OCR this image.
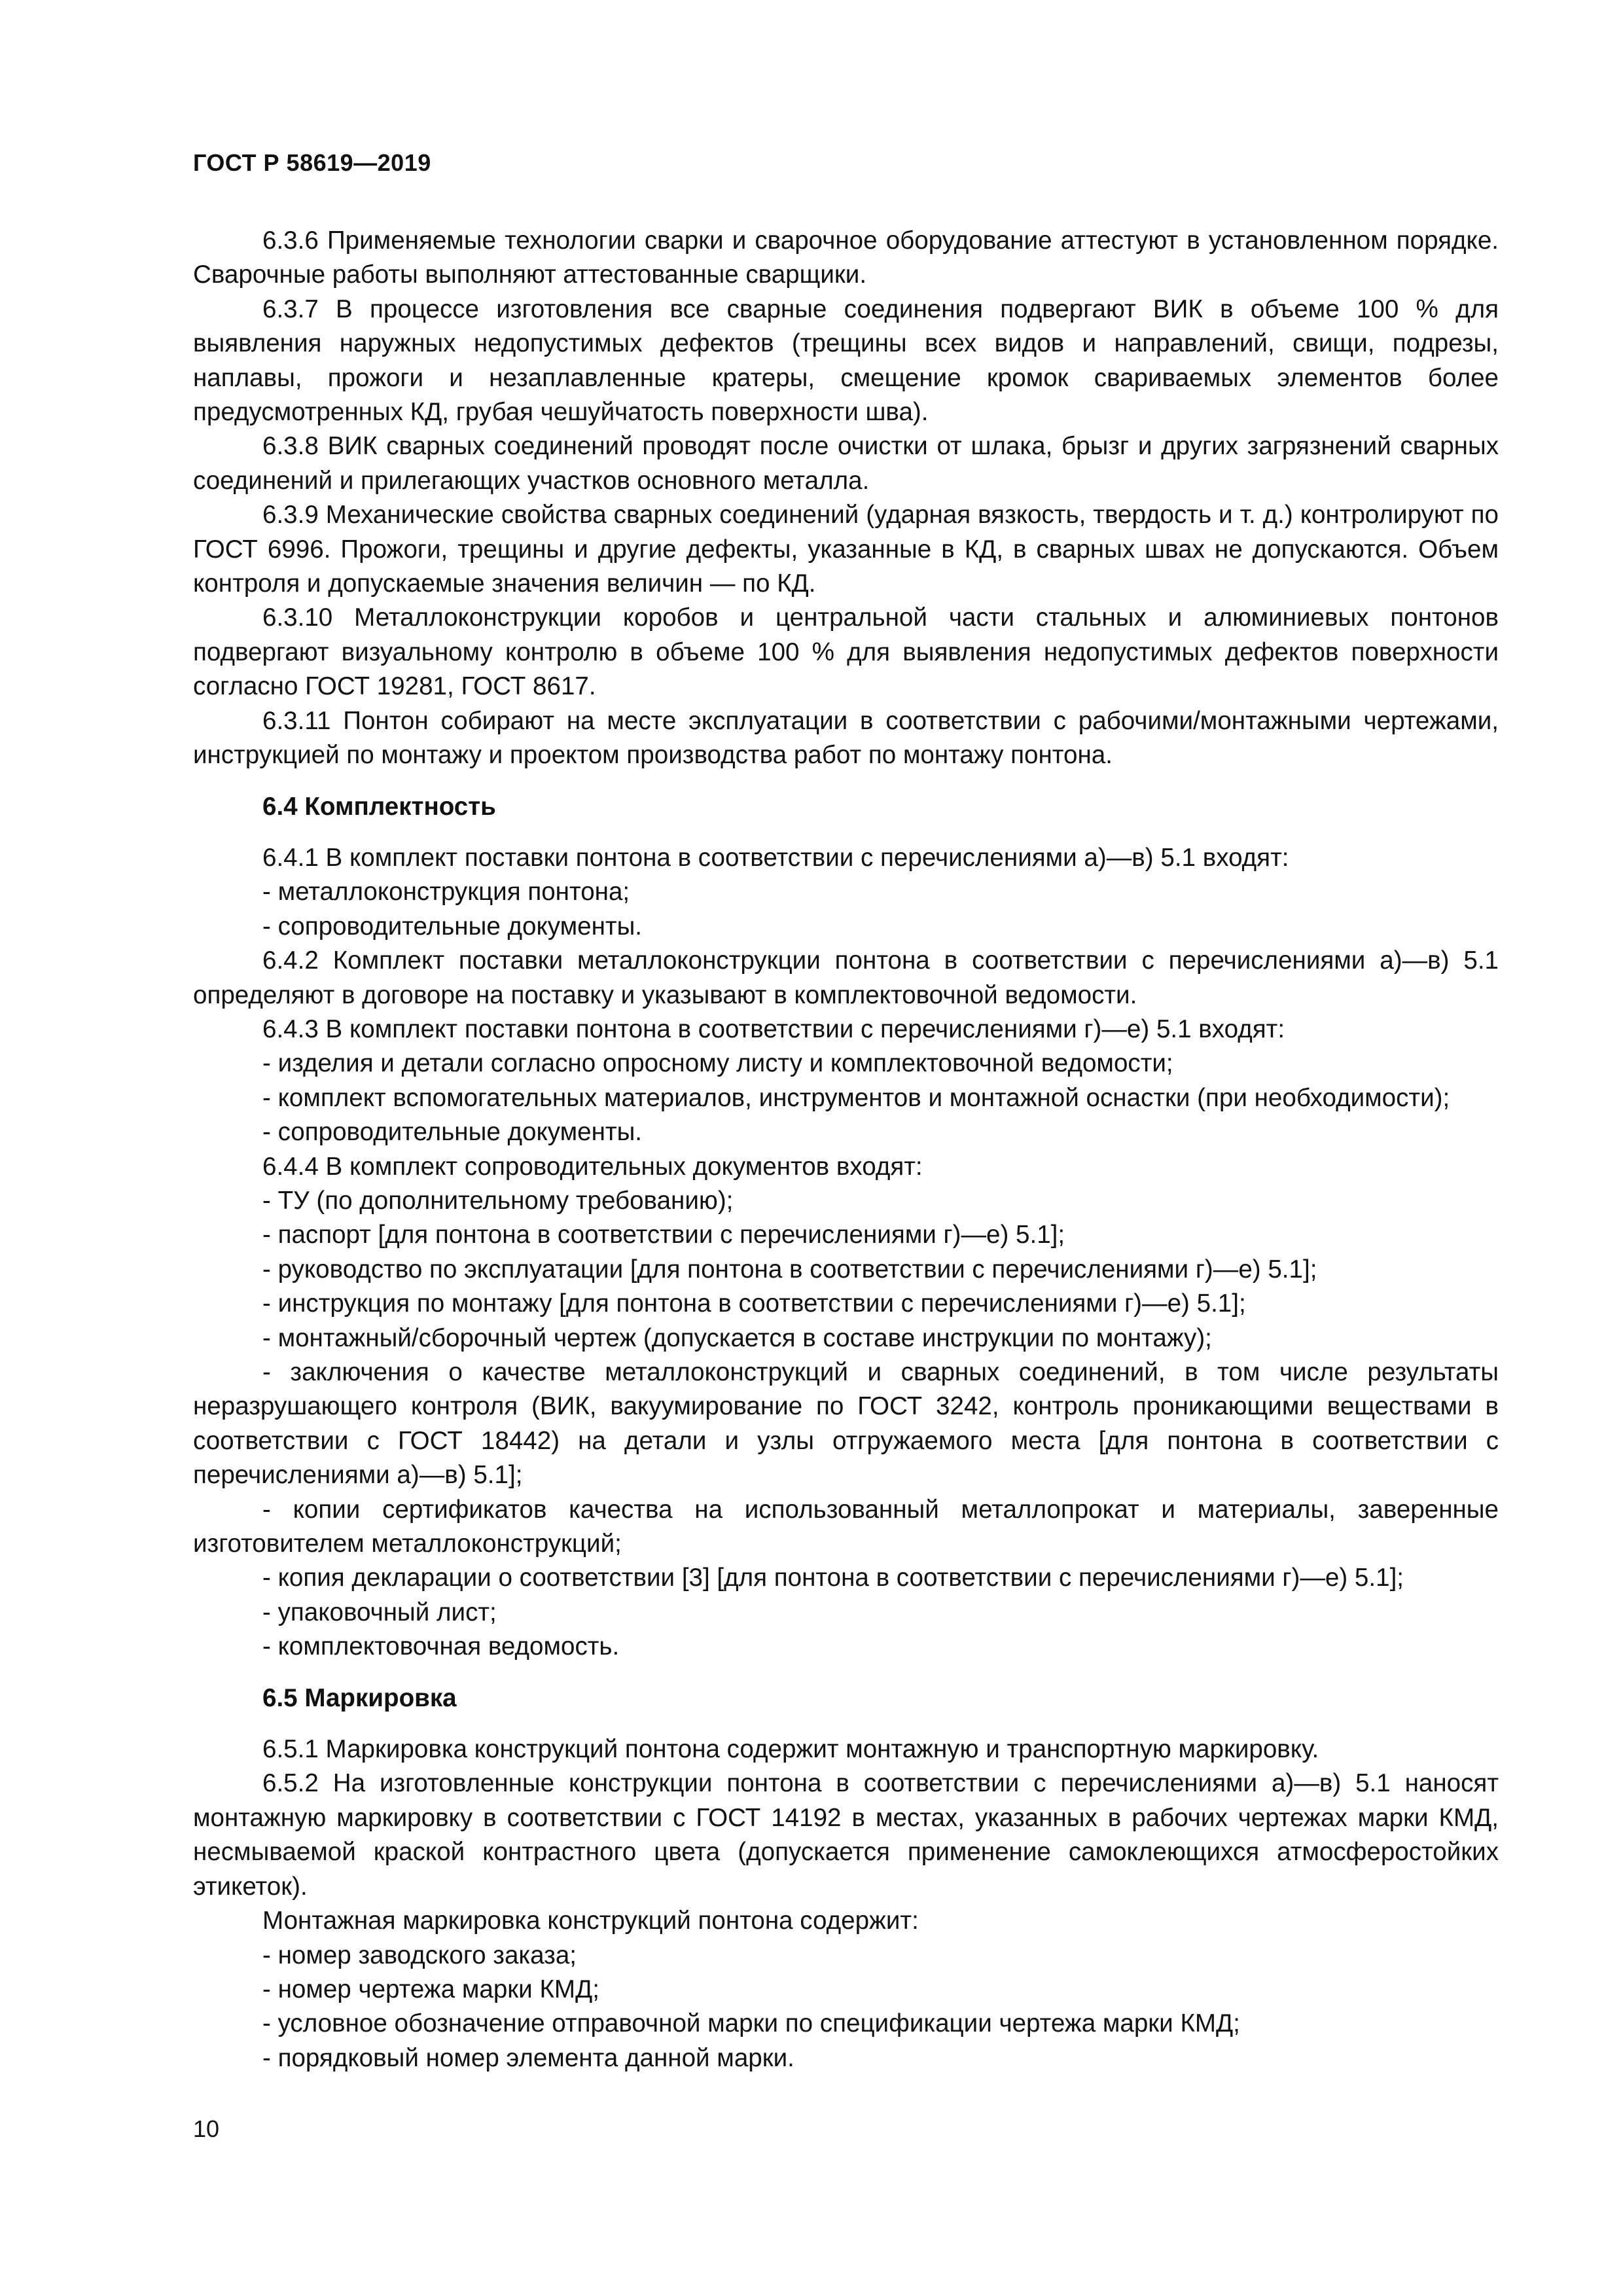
ГОСТ Р 58619—2019

6.3.6 Применяемые технологии сварки и сварочное оборудование аттестуют в установленном порядке. Сварочные работы выполняют аттестованные сварщики.

6.3.7 В процессе изготовления все сварные соединения подвергают ВИК в объеме 100 % для выявления наружных недопустимых дефектов (трещины всех видов и направлений, свищи, подрезы, наплавы, прожоги и незаплавленные кратеры, смещение кромок свариваемых элементов более предусмотренных КД, грубая чешуйчатость поверхности шва).

6.3.8 ВИК сварных соединений проводят после очистки от шлака, брызг и других загрязнений сварных соединений и прилегающих участков основного металла.

6.3.9 Механические свойства сварных соединений (ударная вязкость, твердость и т. д.) контролируют по ГОСТ 6996. Прожоги, трещины и другие дефекты, указанные в КД, в сварных швах не допускаются. Объем контроля и допускаемые значения величин — по КД.

6.3.10 Металлоконструкции коробов и центральной части стальных и алюминиевых понтонов подвергают визуальному контролю в объеме 100 % для выявления недопустимых дефектов поверхности согласно ГОСТ 19281, ГОСТ 8617.

6.3.11 Понтон собирают на месте эксплуатации в соответствии с рабочими/монтажными чертежами, инструкцией по монтажу и проектом производства работ по монтажу понтона.

6.4 Комплектность

6.4.1 В комплект поставки понтона в соответствии с перечислениями а)—в) 5.1 входят:

- металлоконструкция понтона;

- сопроводительные документы.

6.4.2 Комплект поставки металлоконструкции понтона в соответствии с перечислениями а)—в) 5.1 определяют в договоре на поставку и указывают в комплектовочной ведомости.

6.4.3 В комплект поставки понтона в соответствии с перечислениями г)—е) 5.1 входят:

- изделия и детали согласно опросному листу и комплектовочной ведомости;

- комплект вспомогательных материалов, инструментов и монтажной оснастки (при необходимости);

- сопроводительные документы.

6.4.4 В комплект сопроводительных документов входят:

- ТУ (по дополнительному требованию);

- паспорт [для понтона в соответствии с перечислениями г)—е) 5.1];

- руководство по эксплуатации [для понтона в соответствии с перечислениями г)—е) 5.1];

- инструкция по монтажу [для понтона в соответствии с перечислениями г)—е) 5.1];

- монтажный/сборочный чертеж (допускается в составе инструкции по монтажу);

- заключения о качестве металлоконструкций и сварных соединений, в том числе результаты неразрушающего контроля (ВИК, вакуумирование по ГОСТ 3242, контроль проникающими веществами в соответствии с ГОСТ 18442) на детали и узлы отгружаемого места [для понтона в соответствии с перечислениями а)—в) 5.1];

- копии сертификатов качества на использованный металлопрокат и материалы, заверенные изготовителем металлоконструкций;

- копия декларации о соответствии [3] [для понтона в соответствии с перечислениями г)—е) 5.1];

- упаковочный лист;

- комплектовочная ведомость.

6.5 Маркировка

6.5.1 Маркировка конструкций понтона содержит монтажную и транспортную маркировку.

6.5.2 На изготовленные конструкции понтона в соответствии с перечислениями а)—в) 5.1 наносят монтажную маркировку в соответствии с ГОСТ 14192 в местах, указанных в рабочих чертежах марки КМД, несмываемой краской контрастного цвета (допускается применение самоклеющихся атмосферостойких этикеток).

Монтажная маркировка конструкций понтона содержит:

- номер заводского заказа;

- номер чертежа марки КМД;

- условное обозначение отправочной марки по спецификации чертежа марки КМД;

- порядковый номер элемента данной марки.

10
